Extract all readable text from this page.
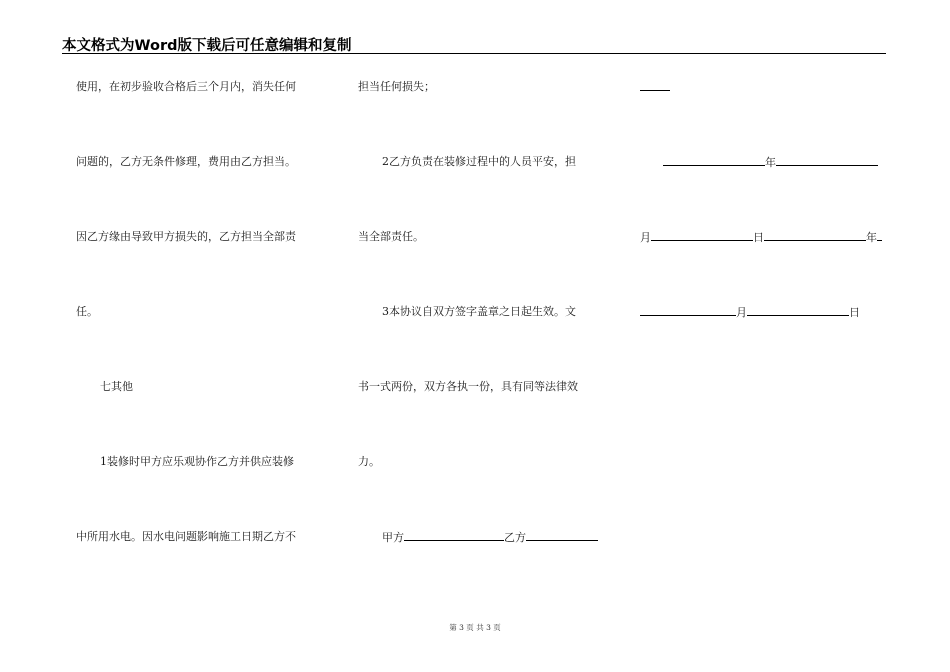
本文格式为Word版下载后可任意编辑和复制
使用，在初步验收合格后三个月内，消失任何
问题的，乙方无条件修理，费用由乙方担当。
因乙方缘由导致甲方损失的，乙方担当全部责
任。
七其他
1装修时甲方应乐观协作乙方并供应装修
中所用水电。因水电问题影响施工日期乙方不
担当任何损失；
2乙方负责在装修过程中的人员平安，担
当全部责任。
3本协议自双方签字盖章之日起生效。文
书一式两份，双方各执一份，具有同等法律效
力。
甲方	乙方
年
月	日	年
月	日
第 3 页 共 3 页
